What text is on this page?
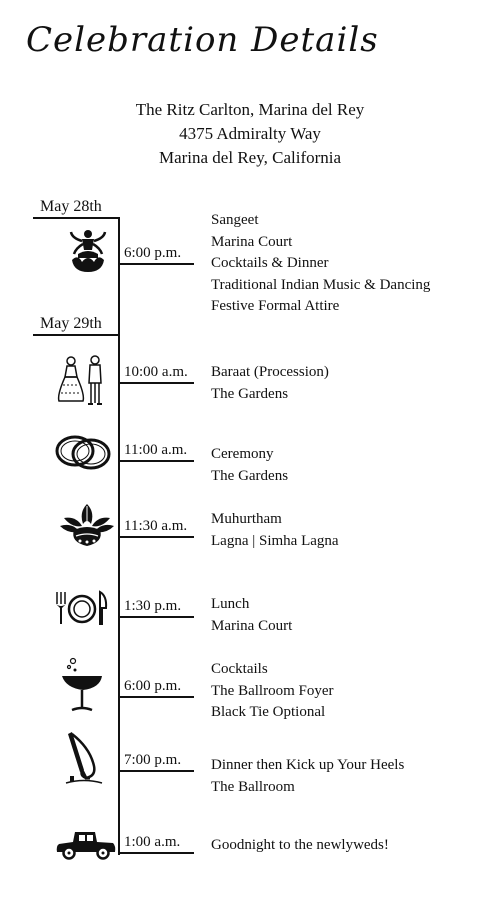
Celebration Details
The Ritz Carlton, Marina del Rey
4375 Admiralty Way
Marina del Rey, California
May 28th
May 29th
6:00 p.m.
Sangeet
Marina Court
Cocktails & Dinner
Traditional Indian Music & Dancing
Festive Formal Attire
10:00 a.m. Baraat (Procession)
The Gardens
11:00 a.m. Ceremony
The Gardens
11:30 a.m. Muhurtham
Lagna | Simha Lagna
1:30 p.m. Lunch
Marina Court
6:00 p.m.
Cocktails
The Ballroom Foyer
Black Tie Optional
7:00 p.m. Dinner then Kick up Your Heels
The Ballroom
1:00 a.m. Goodnight to the newlyweds!
